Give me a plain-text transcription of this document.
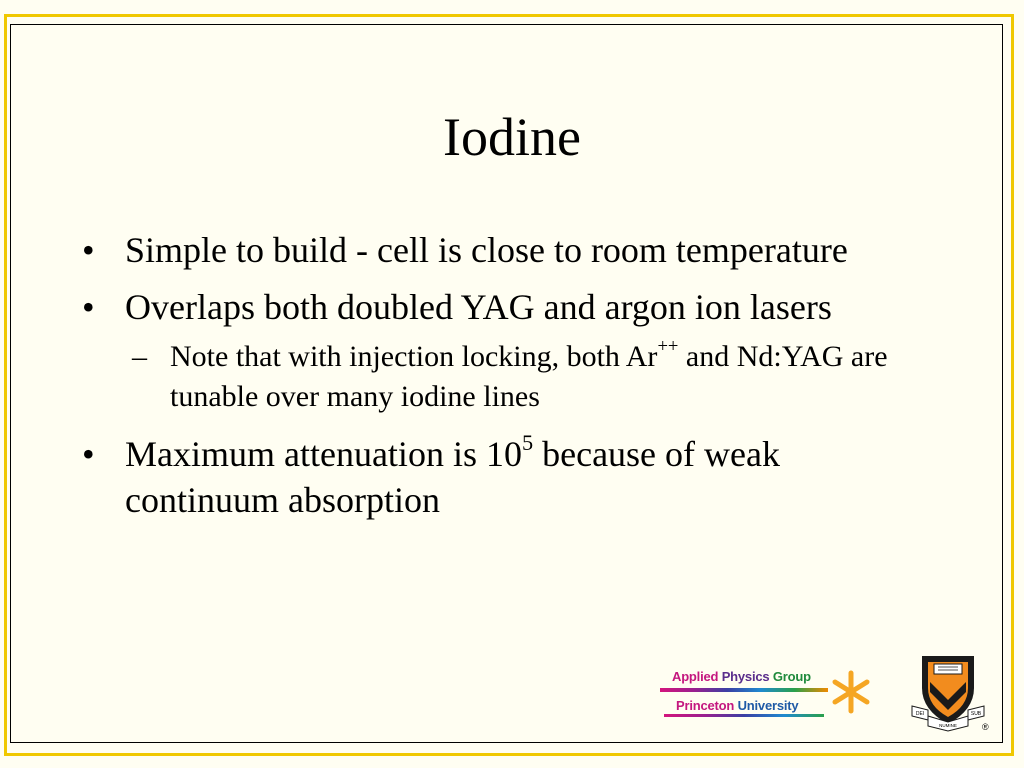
Iodine
• Simple to build - cell is close to room temperature
• Overlaps both doubled YAG and argon ion lasers
– Note that with injection locking, both Ar++ and Nd:YAG are tunable over many iodine lines
• Maximum attenuation is $10^5$ because of weak continuum absorption
Applied Physics Group
Princeton University
DEI	SUB
NUMINE	®
